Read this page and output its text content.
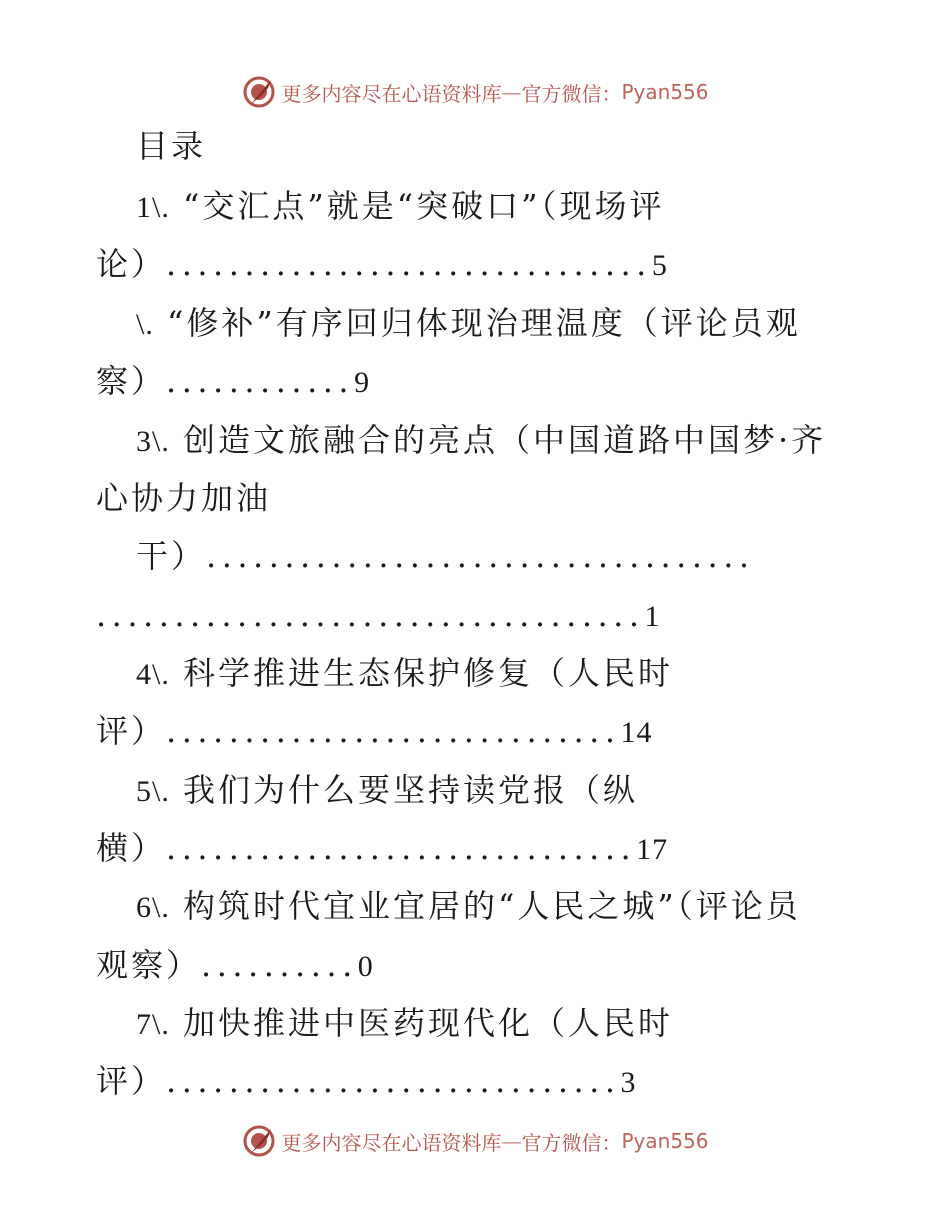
更多内容尽在心语资料库 — 官方微信： Pyan556
目录
1\. “交汇点”就是“突破口”（现场评
论）...............................5
\. “修补”有序回归体现治理温度（评论员观
察）............9
3\. 创造文旅融合的亮点（中国道路中国梦·齐
心协力加油
干）...................................
...................................1
4\. 科学推进生态保护修复（人民时
评）.............................14
5\. 我们为什么要坚持读党报（纵
横）..............................17
6\. 构筑时代宜业宜居的“人民之城”（评论员
观察）..........0
7\. 加快推进中医药现代化（人民时
评）.............................3
更多内容尽在心语资料库 — 官方微信： Pyan556
